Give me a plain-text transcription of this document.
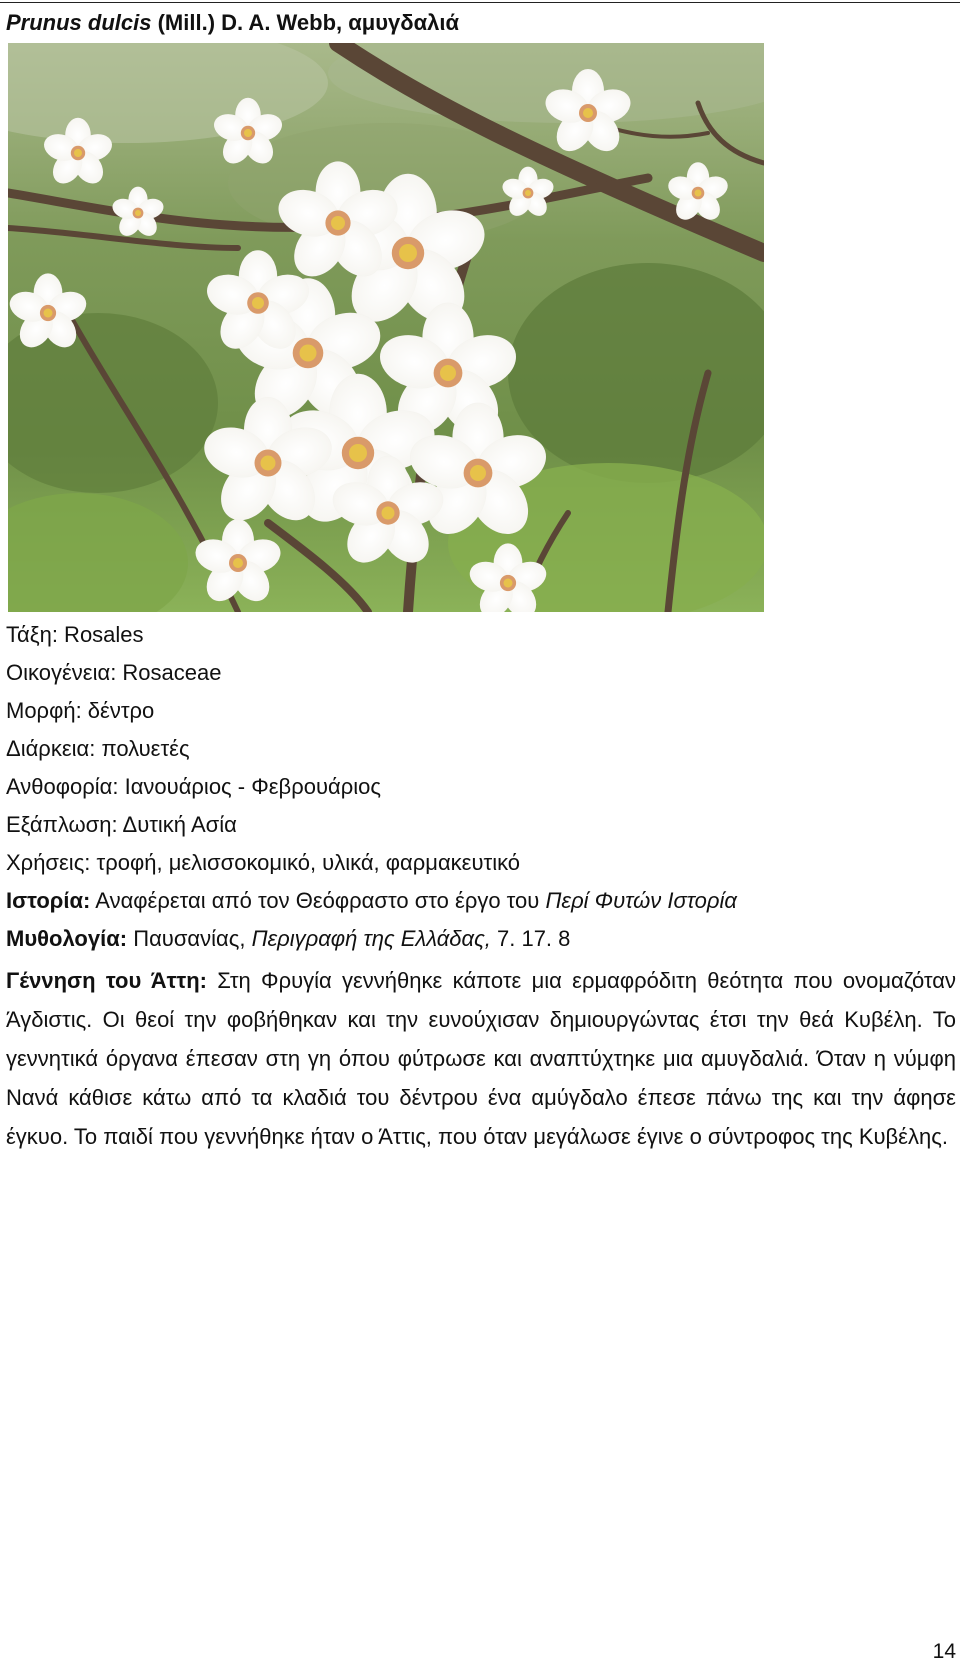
Prunus dulcis (Mill.) D. A. Webb, αμυγδαλιά
Τάξη: Rosales
Οικογένεια: Rosaceae
Μορφή: δέντρο
Διάρκεια: πολυετές
Ανθοφορία: Ιανουάριος - Φεβρουάριος
Εξάπλωση: Δυτική Ασία
Χρήσεις: τροφή, μελισσοκομικό, υλικά, φαρμακευτικό
Ιστορία: Αναφέρεται από τον Θεόφραστο στο έργο του Περί Φυτών Ιστορία
Μυθολογία: Παυσανίας, Περιγραφή της Ελλάδας, 7. 17. 8
Γέννηση του Άττη: Στη Φρυγία γεννήθηκε κάποτε μια ερμαφρόδιτη θεότητα που ονομαζόταν Άγδιστις. Οι θεοί την φοβήθηκαν και την ευνούχισαν δημιουργώντας έτσι την θεά Κυβέλη. Το γεννητικά όργανα έπεσαν στη γη όπου φύτρωσε και αναπτύχτηκε μια αμυγδαλιά. Όταν η νύμφη Νανά κάθισε κάτω από τα κλαδιά του δέντρου ένα αμύγδαλο έπεσε πάνω της και την άφησε έγκυο. Το παιδί που γεννήθηκε ήταν ο Άττις, που όταν μεγάλωσε έγινε ο σύντροφος της Κυβέλης.
14
